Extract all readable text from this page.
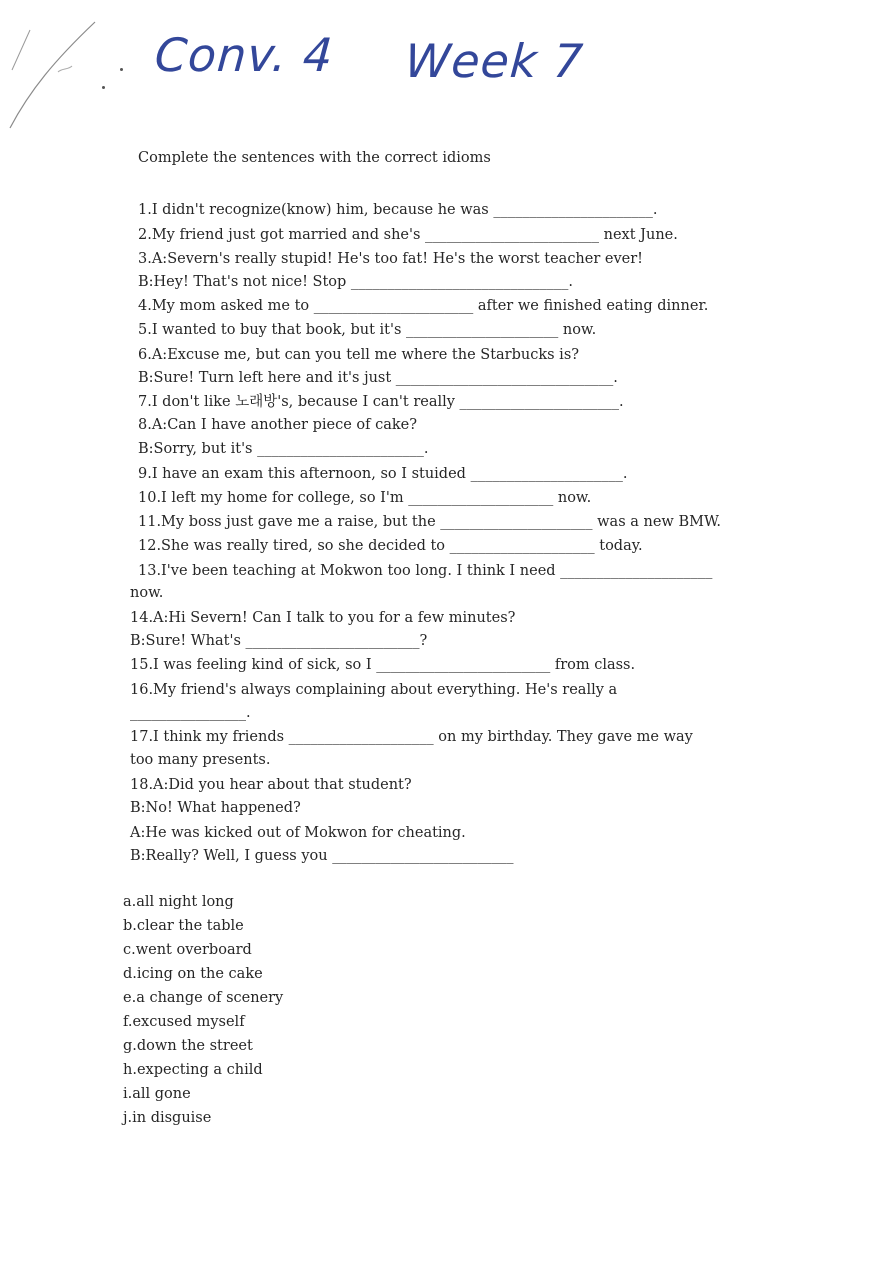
Conv. 4 Week 7
Complete the sentences with the correct idioms
1.I didn't recognize(know) him, because he was ______________________.
2.My friend just got married and she's ________________________ next June.
3.A:Severn's really stupid! He's too fat! He's the worst teacher ever!
B:Hey! That's not nice! Stop ______________________________.
4.My mom asked me to ______________________ after we finished eating dinner.
5.I wanted to buy that book, but it's _____________________ now.
6.A:Excuse me, but can you tell me where the Starbucks is?
B:Sure! Turn left here and it's just ______________________________.
7.I don't like 노래방's, because I can't really ______________________.
8.A:Can I have another piece of cake?
B:Sorry, but it's _______________________.
9.I have an exam this afternoon, so I stuided _____________________.
10.I left my home for college, so I'm ____________________ now.
11.My boss just gave me a raise, but the _____________________ was a new BMW.
12.She was really tired, so she decided to ____________________ today.
13.I've been teaching at Mokwon too long. I think I need _____________________
now.
14.A:Hi Severn! Can I talk to you for a few minutes?
B:Sure! What's ________________________?
15.I was feeling kind of sick, so I ________________________ from class.
16.My friend's always complaining about everything. He's really a
________________.
17.I think my friends ____________________ on my birthday. They gave me way
too many presents.
18.A:Did you hear about that student?
B:No! What happened?
A:He was kicked out of Mokwon for cheating.
B:Really? Well, I guess you _________________________
a.all night long
b.clear the table
c.went overboard
d.icing on the cake
e.a change of scenery
f.excused myself
g.down the street
h.expecting a child
i.all gone
j.in disguise
